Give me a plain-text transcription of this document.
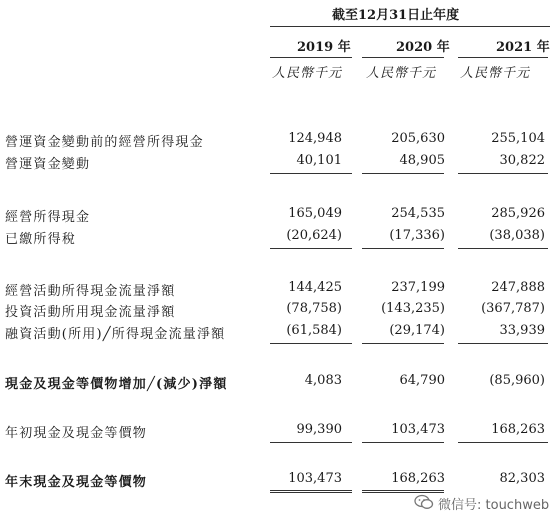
截至12月31日止年度
2019 年	2020 年	2021 年
人民幣千元 人民幣千元 人民幣千元
營運資金變動前的經營所得現金	124,948	205,630	255,104
營運資金變動	40,101	48,905	30,822
經營所得現金	165,049	254,535	285,926
已繳所得稅	(20,624)	(17,336)	(38,038)
經營活動所得現金流量淨額	144,425	237,199	247,888
投資活動所用現金流量淨額	(78,758)	(143,235)	(367,787)
融資活動(所用)╱所得現金流量淨額	(61,584)	(29,174)	33,939
現金及現金等價物增加╱(減少)淨額	4,083	64,790	(85,960)
年初現金及現金等價物	99,390	103,473	168,263
年末現金及現金等價物	103,473	168,263	82,303
微信号: touchweb
